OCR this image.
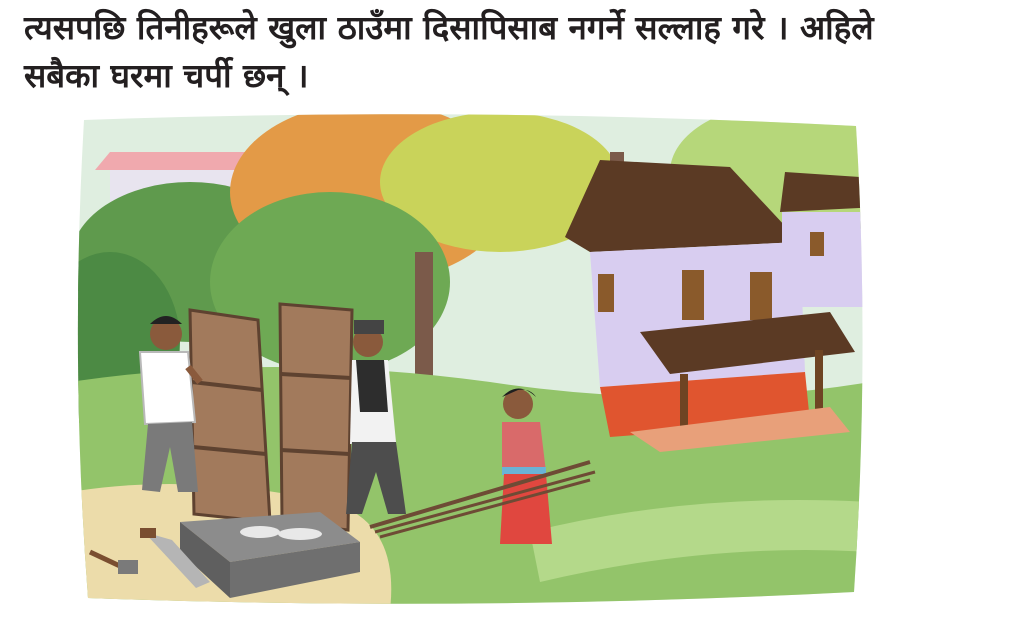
त्यसपछि तिनीहरूले खुला ठाउँमा दिसापिसाब नगर्ने सल्लाह गरे । अहिले
सबैका घरमा चर्पी छन् ।
